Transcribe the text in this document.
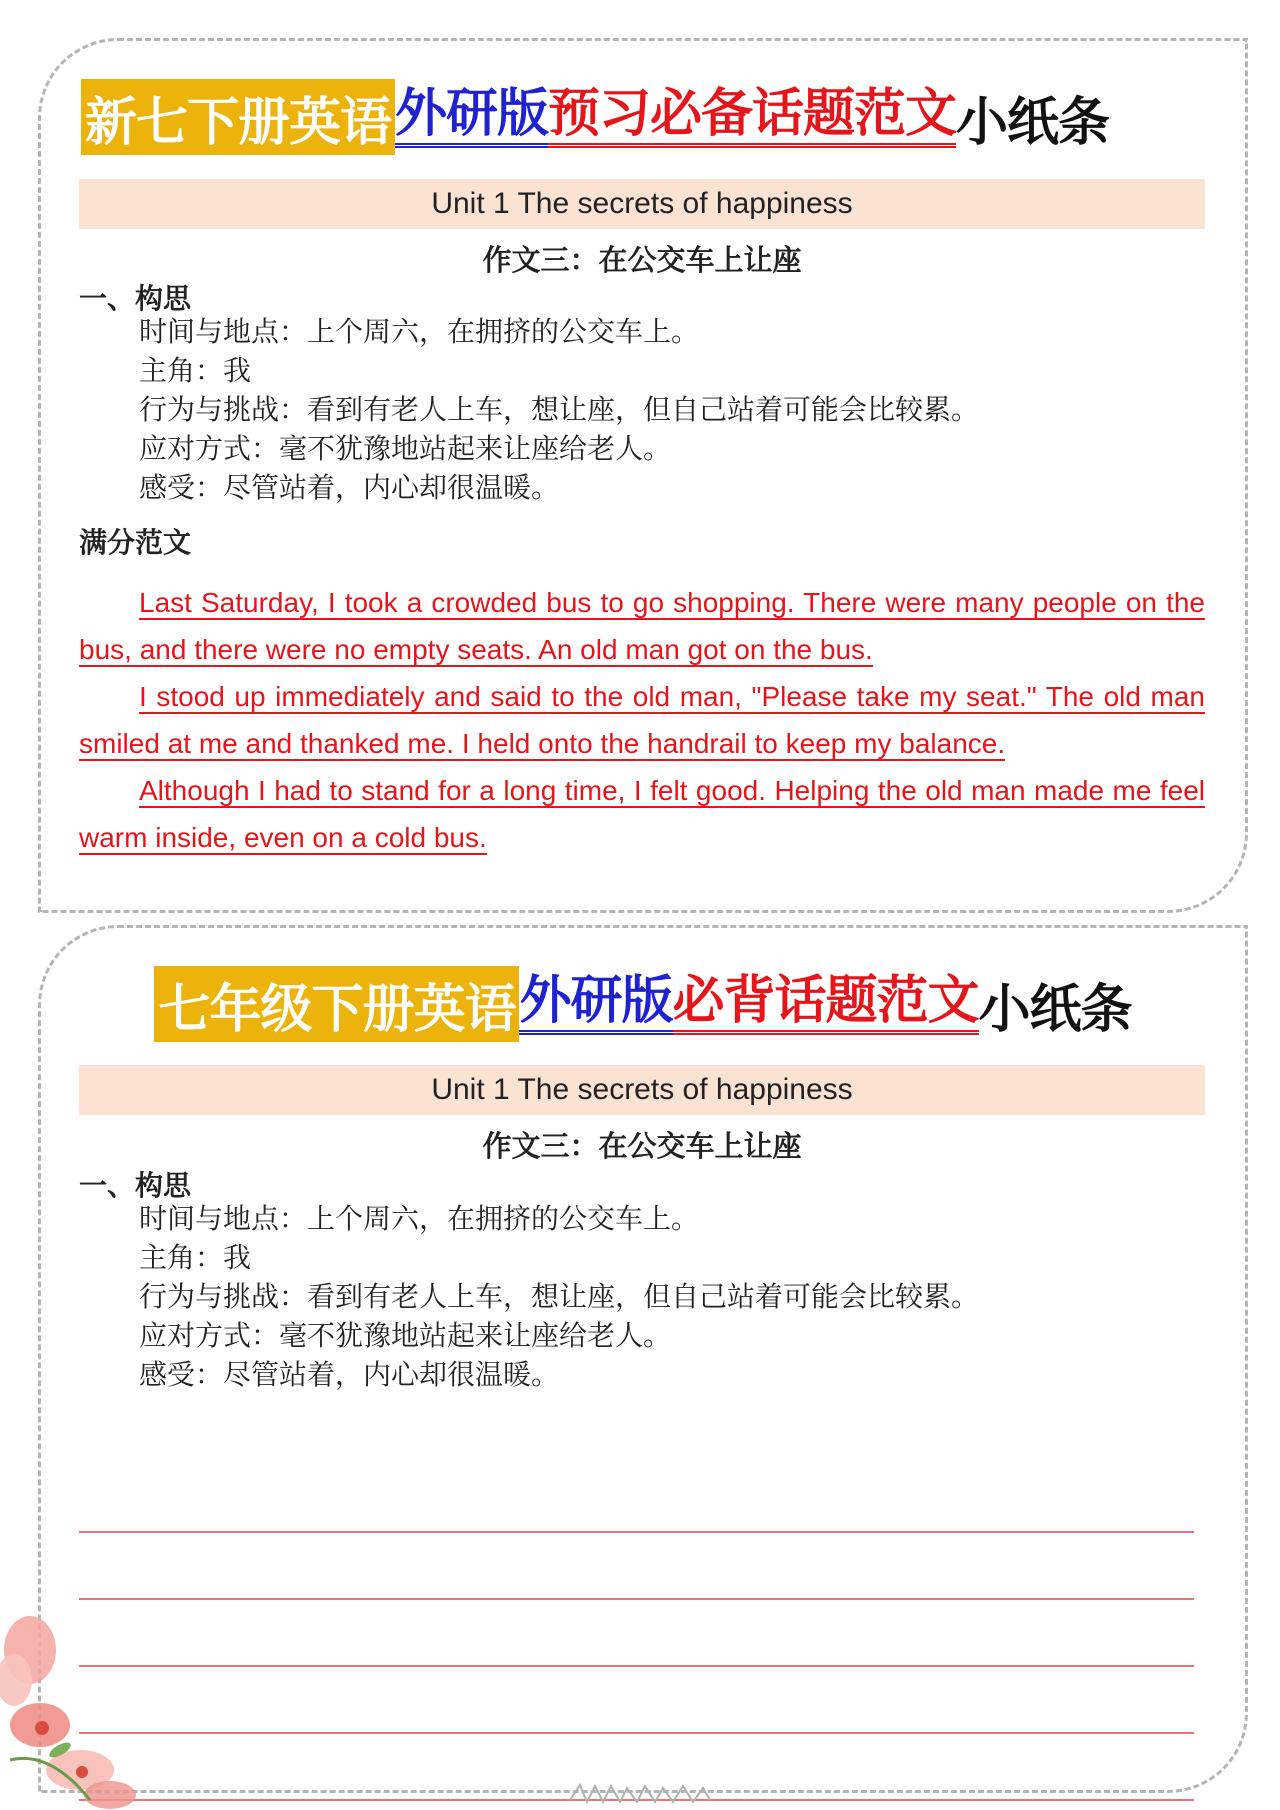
新七下册英语 外研版 预习必备话题范文 小纸条
Unit 1 The secrets of happiness
作文三：在公交车上让座
一、构思
时间与地点：上个周六，在拥挤的公交车上。
主角：我
行为与挑战：看到有老人上车，想让座，但自己站着可能会比较累。
应对方式：毫不犹豫地站起来让座给老人。
感受：尽管站着，内心却很温暖。
满分范文

Last Saturday, I took a crowded bus to go shopping. There were many people on the bus, and there were no empty seats. An old man got on the bus.

I stood up immediately and said to the old man, "Please take my seat." The old man smiled at me and thanked me. I held onto the handrail to keep my balance.

Although I had to stand for a long time, I felt good. Helping the old man made me feel warm inside, even on a cold bus.

七年级下册英语 外研版 必背话题范文 小纸条
Unit 1 The secrets of happiness
作文三：在公交车上让座
一、构思
时间与地点：上个周六，在拥挤的公交车上。
主角：我
行为与挑战：看到有老人上车，想让座，但自己站着可能会比较累。
应对方式：毫不犹豫地站起来让座给老人。
感受：尽管站着，内心却很温暖。
